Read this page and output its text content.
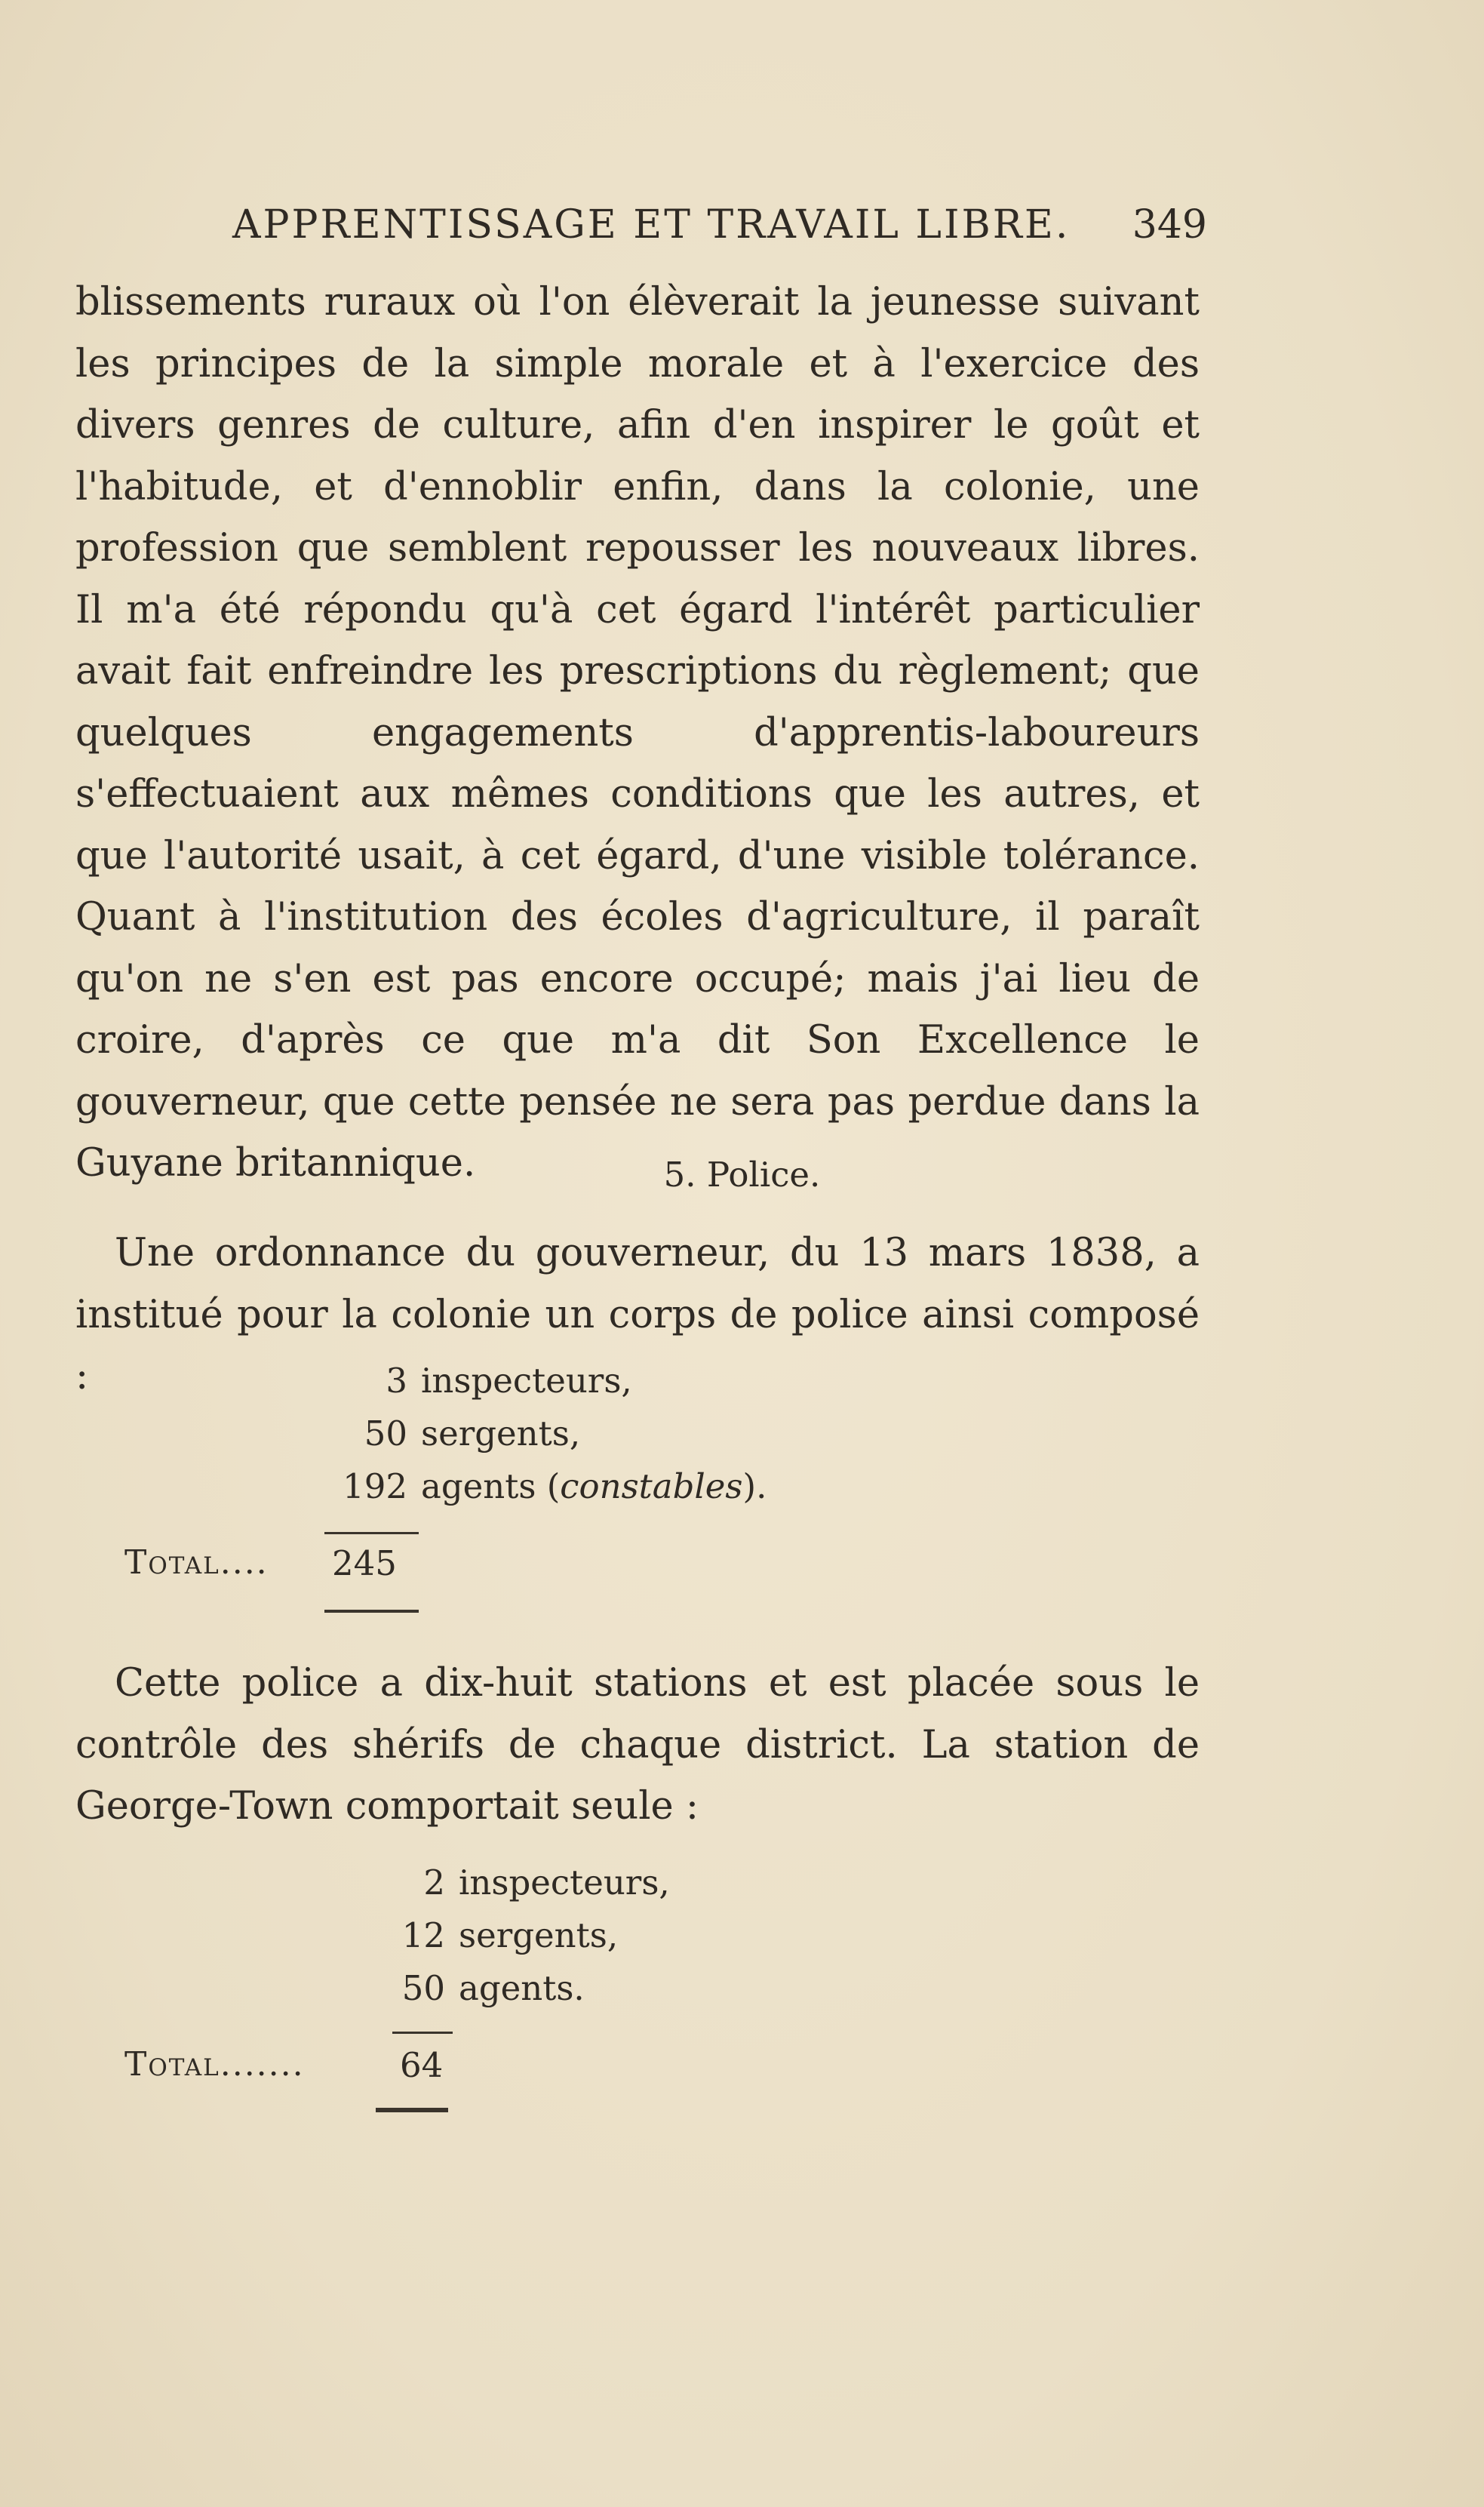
APPRENTISSAGE ET TRAVAIL LIBRE. 349

blissements ruraux où l'on élèverait la jeunesse suivant les principes de la simple morale et à l'exercice des divers genres de culture, afin d'en inspirer le goût et l'habitude, et d'ennoblir enfin, dans la colonie, une profession que semblent repousser les nouveaux libres. Il m'a été répondu qu'à cet égard l'intérêt particulier avait fait enfreindre les prescriptions du règlement; que quelques engagements d'apprentis-laboureurs s'effectuaient aux mêmes conditions que les autres, et que l'autorité usait, à cet égard, d'une visible tolérance. Quant à l'institution des écoles d'agriculture, il paraît qu'on ne s'en est pas encore occupé; mais j'ai lieu de croire, d'après ce que m'a dit Son Excellence le gouverneur, que cette pensée ne sera pas perdue dans la Guyane britannique.	5. Police.

Une ordonnance du gouverneur, du 13 mars 1838, a institué pour la colonie un corps de police ainsi composé :	3 inspecteurs,
50 sergents,
192 agents (constables).
Total.... 245

Cette police a dix-huit stations et est placée sous le contrôle des shérifs de chaque district. La station de George-Town comportait seule :

2 inspecteurs,
12 sergents,
50 agents.
Total.......	64
